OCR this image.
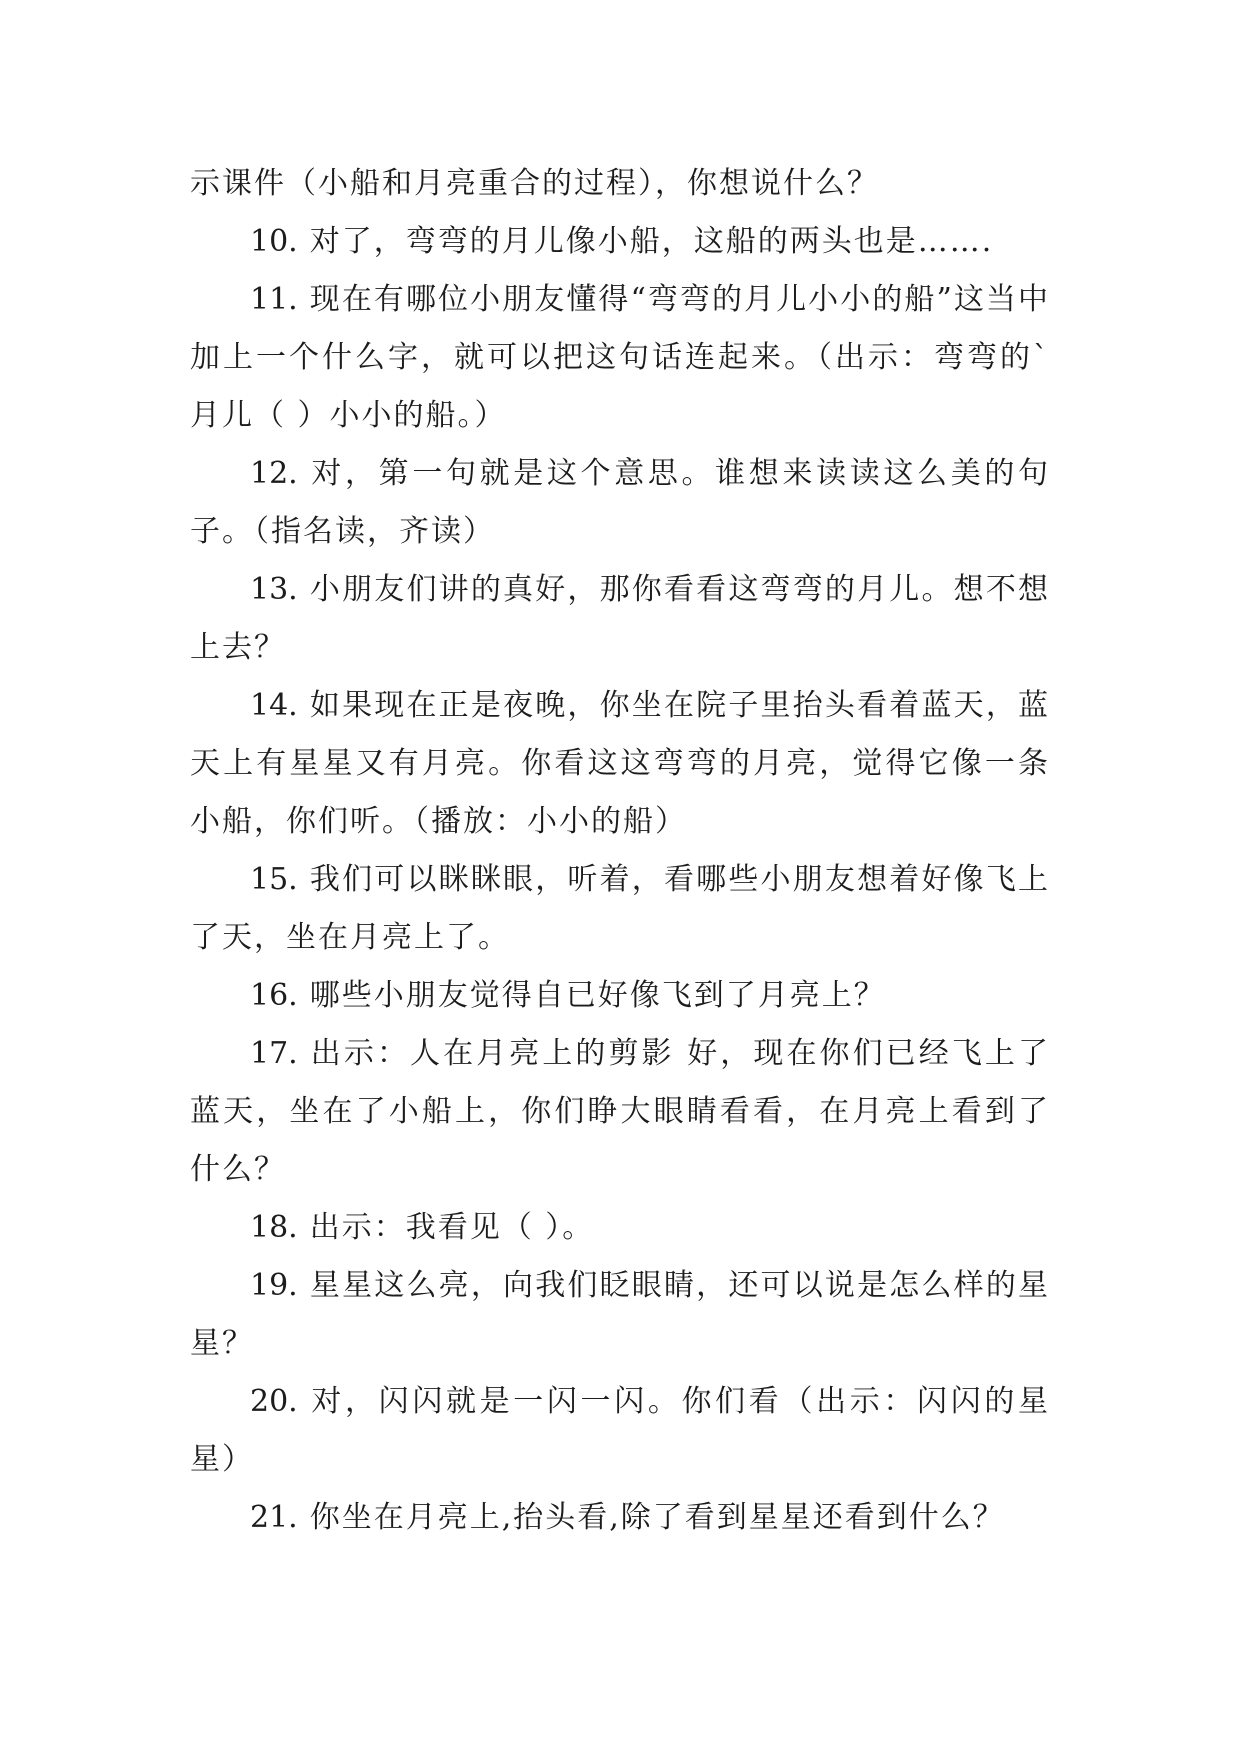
示课件（小船和月亮重合的过程），你想说什么？

10. 对了，弯弯的月儿像小船，这船的两头也是…….

11. 现在有哪位小朋友懂得“弯弯的月儿小小的船”这当中加上一个什么字，就可以把这句话连起来。（出示：弯弯的`月儿（ ）小小的船。）

12. 对，第一句就是这个意思。谁想来读读这么美的句子。（指名读，齐读）

13. 小朋友们讲的真好，那你看看这弯弯的月儿。想不想上去？

14. 如果现在正是夜晚，你坐在院子里抬头看着蓝天，蓝天上有星星又有月亮。你看这这弯弯的月亮，觉得它像一条小船，你们听。（播放：小小的船）

15. 我们可以眯眯眼，听着，看哪些小朋友想着好像飞上了天，坐在月亮上了。

16. 哪些小朋友觉得自已好像飞到了月亮上？

17. 出示：人在月亮上的剪影 好，现在你们已经飞上了蓝天，坐在了小船上，你们睁大眼睛看看，在月亮上看到了什么？

18. 出示：我看见（ ）。

19. 星星这么亮，向我们眨眼睛，还可以说是怎么样的星星？

20. 对，闪闪就是一闪一闪。你们看（出示：闪闪的星星）

21. 你坐在月亮上,抬头看,除了看到星星还看到什么？
